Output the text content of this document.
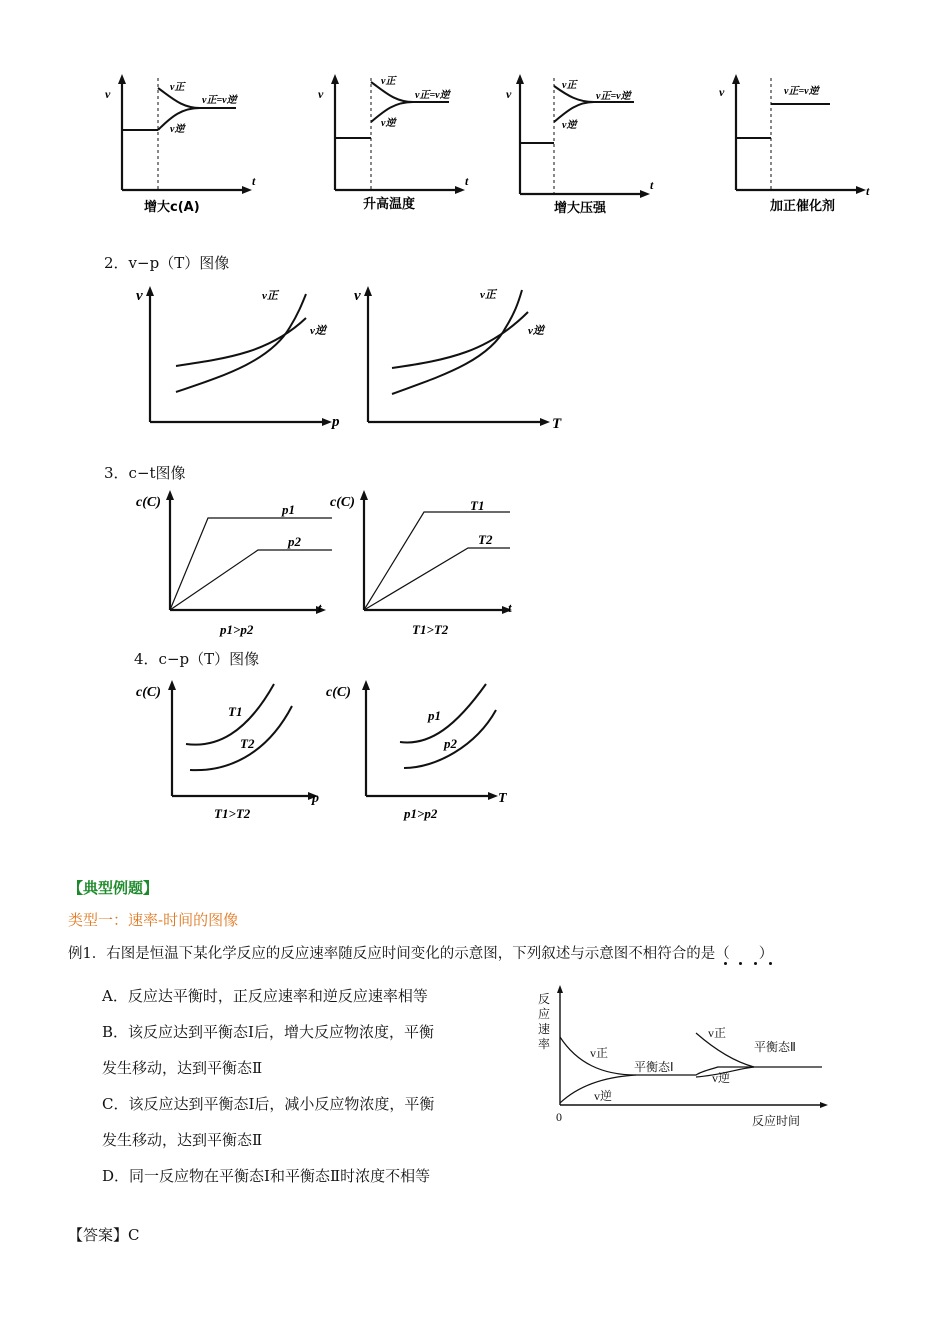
v
t
v正
v逆
v正=v逆
增大c(A)
v
t
v正
v逆
v正=v逆
升高温度
v
t
v正
v逆
v正=v逆
增大压强
v
t
v正=v逆
加正催化剂
2．v−p（T）图像
v
p
v正
v逆
v
T
v正
v逆
3．c−t图像
c(C)
t
p1
p2
p1>p2
c(C)
t
T1
T2
T1>T2
4．c−p（T）图像
c(C)
p
T1
T2
T1>T2
c(C)
T
p1
p2
p1>p2
【典型例题】
类型一：速率-时间的图像
例1．右图是恒温下某化学反应的反应速率随反应时间变化的示意图，下列叙述与示意图不相符合的是（　　）
A．反应达平衡时，正反应速率和逆反应速率相等
B．该反应达到平衡态Ⅰ后，增大反应物浓度，平衡
发生移动，达到平衡态Ⅱ
C．该反应达到平衡态Ⅰ后，减小反应物浓度，平衡
发生移动，达到平衡态Ⅱ
D．同一反应物在平衡态Ⅰ和平衡态Ⅱ时浓度不相等
反
应
速
率
0	反应时间
v正
v逆
平衡态Ⅰ
v正
v逆
平衡态Ⅱ
【答案】C
